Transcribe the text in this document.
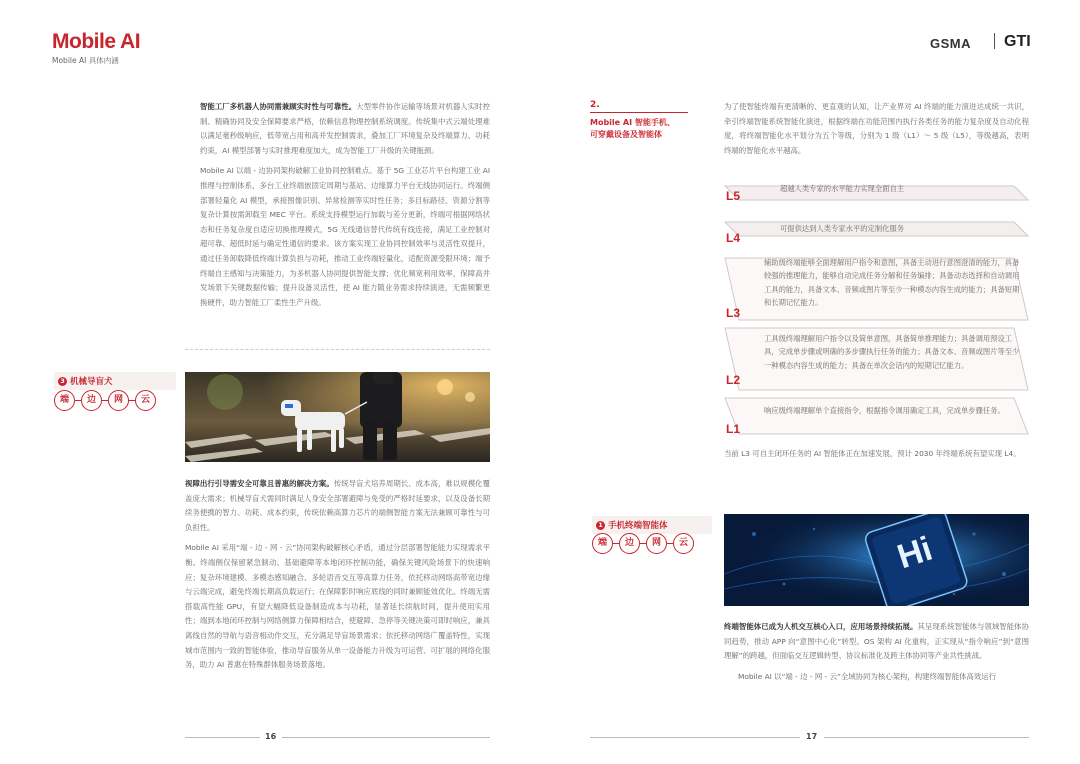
Mobile AI
Mobile AI 具体内涵
GSMA GTI

智能工厂多机器人协同需兼顾实时性与可靠性。大型零件协作运输等场景对机器人实时控制、精确协同及安全保障要求严格，依赖信息物理控制系统调度。传统集中式云端处理难以满足毫秒级响应，低带宽占用和高并发控制需求，叠加工厂环境复杂及终端算力、功耗约束，AI 模型部署与实时推理难度加大，成为智能工厂升级的关键瓶颈。

Mobile AI 以端 - 边协同架构破解工业协同控制难点。基于 5G 工业芯片平台构建工业 AI 推理与控制体系，多台工业终端嵌固定周期与基站、边缘算力平台无线协同运行。终端侧部署轻量化 AI 模型，承接图像识别、异常检测等实时性任务；多目标路径、资源分割等复杂计算按需卸载至 MEC 平台。系统支持模型运行加载与差分更新，终端可根据网络状态和任务复杂度自适应切换推理模式，5G 无线通信替代传统有线连接，满足工业控制对超可靠、超低时延与确定性通信的要求。该方案实现工业协同控制效率与灵活性双提升，通过任务卸载降低终端计算负担与功耗，推动工业终端轻量化，适配资源受限环境；端予终端自主感知与决策能力，为多机器人协同提供智能支撑；优化频宽利用效率，保障高并发场景下关键数据传输；提升设备灵活性，使 AI 能力随业务需求持续演进，无需频繁更换硬件，助力智能工厂柔性生产升级。

3 机械导盲犬
端	边	网	云

视障出行引导需安全可靠且普惠的解决方案。传统导盲犬培养周期长、成本高，难以规模化覆盖庞大需求；机械导盲犬需同时满足人身安全部署避障与免受的严格时延要求，以及设备长期续务便携的智力、功耗、成本约束，传统依赖高算力芯片的端侧智能方案无法兼顾可靠性与可负担性。

Mobile AI 采用“端 - 边 - 网 - 云”协同架构破解核心矛盾，通过分层部署智能能力实现需求平衡。终端侧仅保留紧急制动、基础避障等本地闭环控制功能，确保关键风险场景下的快速响应；复杂环境建模、多模态感知融合、多轮语音交互等高算力任务，依托移动网络高带宽边缘与云端完成，避免终端长期高负载运行；在保障影时响应底线的同时兼顾能效优化。终端无需搭载高性能 GPU，有望大幅降低设备制造成本与功耗，显著延长续航时间，提升使用实用性；端到本地闭环控制与网络侧算力保障相结合，使避障、急停等关键决策可即时响应，兼具离线自然的导航与语音相动作交互，充分满足导盲场景需求；依托移动网络广覆盖特性，实现城市范围内一致的智能体验，推动导盲服务从单一设备能力升级为可运营、可扩展的网络化服务，助力 AI 普惠在特殊群体服务场景落地。

16
2.
Mobile AI 智能手机、
可穿戴设备及智能体

为了使智能终端有更清晰的、更直观的认知，让产业界对 AI 终端的能力演进达成统一共识，牵引终端智能系统智能化演进，根据终端在功能范围内执行各类任务的能力复杂度及自动化程度，将终端智能化水平划分为五个等级，分别为 1 级（L1）～ 5 级（L5），等级越高，表明终端的智能化水平越高。

L5
超越人类专家的水平能力实现全面自主
L4
可提供达到人类专家水平的定制化服务
L3
辅助级终端能够全面理解用户指令和意图，具备主动进行意图澄清的能力，具备较强的推理能力，能够自动完成任务分解和任务编排；具备动态选择和自动调用工具的能力，具备文本、音频或图片等至少一种模态内容生成的能力；具备短期和长期记忆能力。
L2
工具级终端理解用户指令以及简单意图，具备简单推理能力；具备调用预设工具，完成单步骤或明确的多步骤执行任务的能力；具备文本、音频或图片等至少一种模态内容生成的能力；具备在单次会话内的短期记忆能力。
L1
响应级终端理解单个直接指令，根据指令调用确定工具，完成单步骤任务。

当前 L3 可自主闭环任务的 AI 智能体正在加速发展，预计 2030 年终端系统有望实现 L4。

1 手机终端智能体
端	边	网	云	Hi

终端智能体已成为人机交互核心入口，应用场景持续拓展。其呈现系统智能体与领域智能体协同趋势，推动 APP 向“意图中心化”转型。OS 架构 AI 化重构，正实现从“指令响应”到“意图理解”的跨越，但面临交互逻辑转型、协议标准化及跨主体协同等产业共性挑战。

Mobile AI 以“端 - 边 - 网 - 云”全域协同为核心架构，构建终端智能体高效运行

17
